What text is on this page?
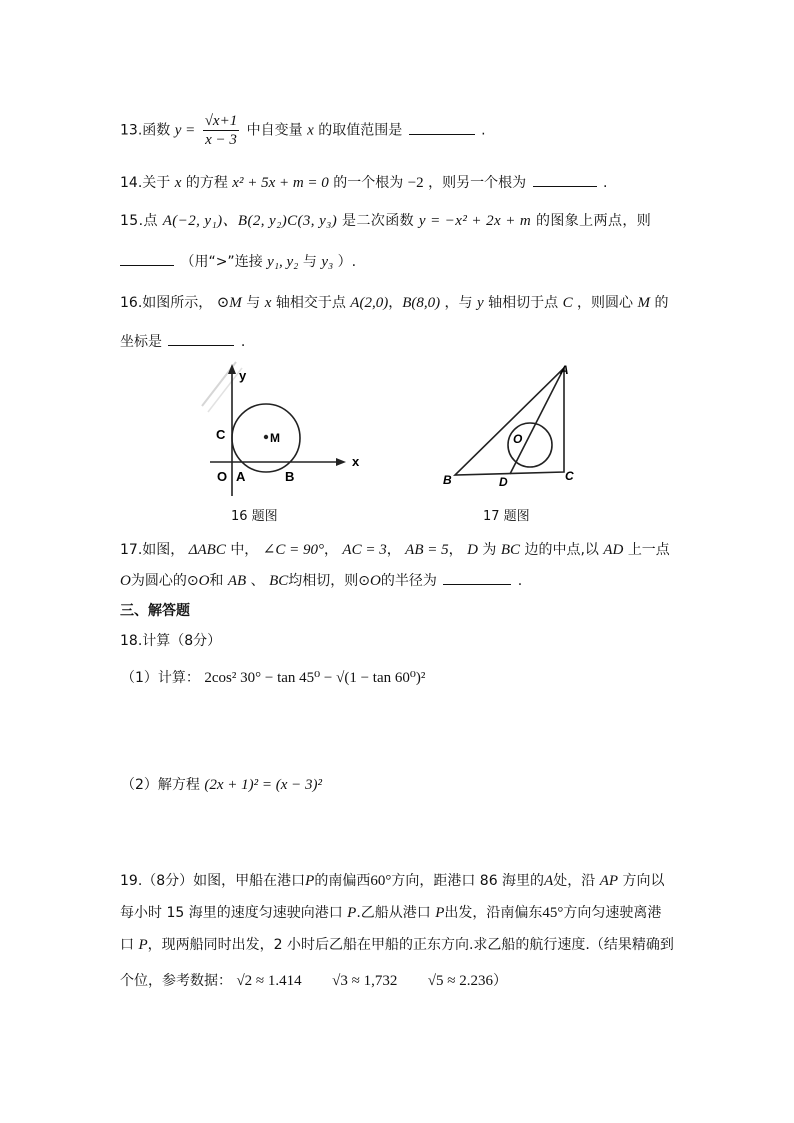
13.函数 $y = \frac{√x+1}{x - 3}$ 中自变量 x 的取值范围是	.
14.关于 x 的方程 x² + 5x + m = 0 的一个根为 −2 ，则另一个根为	.
15.点 A(−2, y₁)、B(2, y₂)C(3, y₃) 是二次函数 y = −x² + 2x + m 的图象上两点，则
（用“>”连接 y₁, y₂ 与 y₃ ）.
16.如图所示， ⊙M 与 x 轴相交于点 A(2,0)，B(8,0) ，与 y 轴相切于点 C ，则圆心 M 的
坐标是	.
y
x
C	M
O A	B
16 题图
A
O
B	D	C
17 题图
17.如图， ΔABC 中， ∠C = 90°， AC = 3， AB = 5， D 为 BC 边的中点,以 AD 上一点
O为圆心的⊙O和 AB 、 BC均相切，则⊙O的半径为	.
三、解答题
18.计算（8分）
（1）计算： 2cos² 30° − tan 45⁰ − √(1 − tan 60⁰)²
（2）解方程 (2x + 1)² = (x − 3)²
19.（8分）如图，甲船在港口P的南偏西60°方向，距港口 86 海里的A处，沿 AP 方向以
每小时 15 海里的速度匀速驶向港口 P.乙船从港口 P出发，沿南偏东45°方向匀速驶离港
口 P，现两船同时出发，2 小时后乙船在甲船的正东方向.求乙船的航行速度.（结果精确到
个位，参考数据： √2 ≈ 1.414 √3 ≈ 1,732 √5 ≈ 2.236）
